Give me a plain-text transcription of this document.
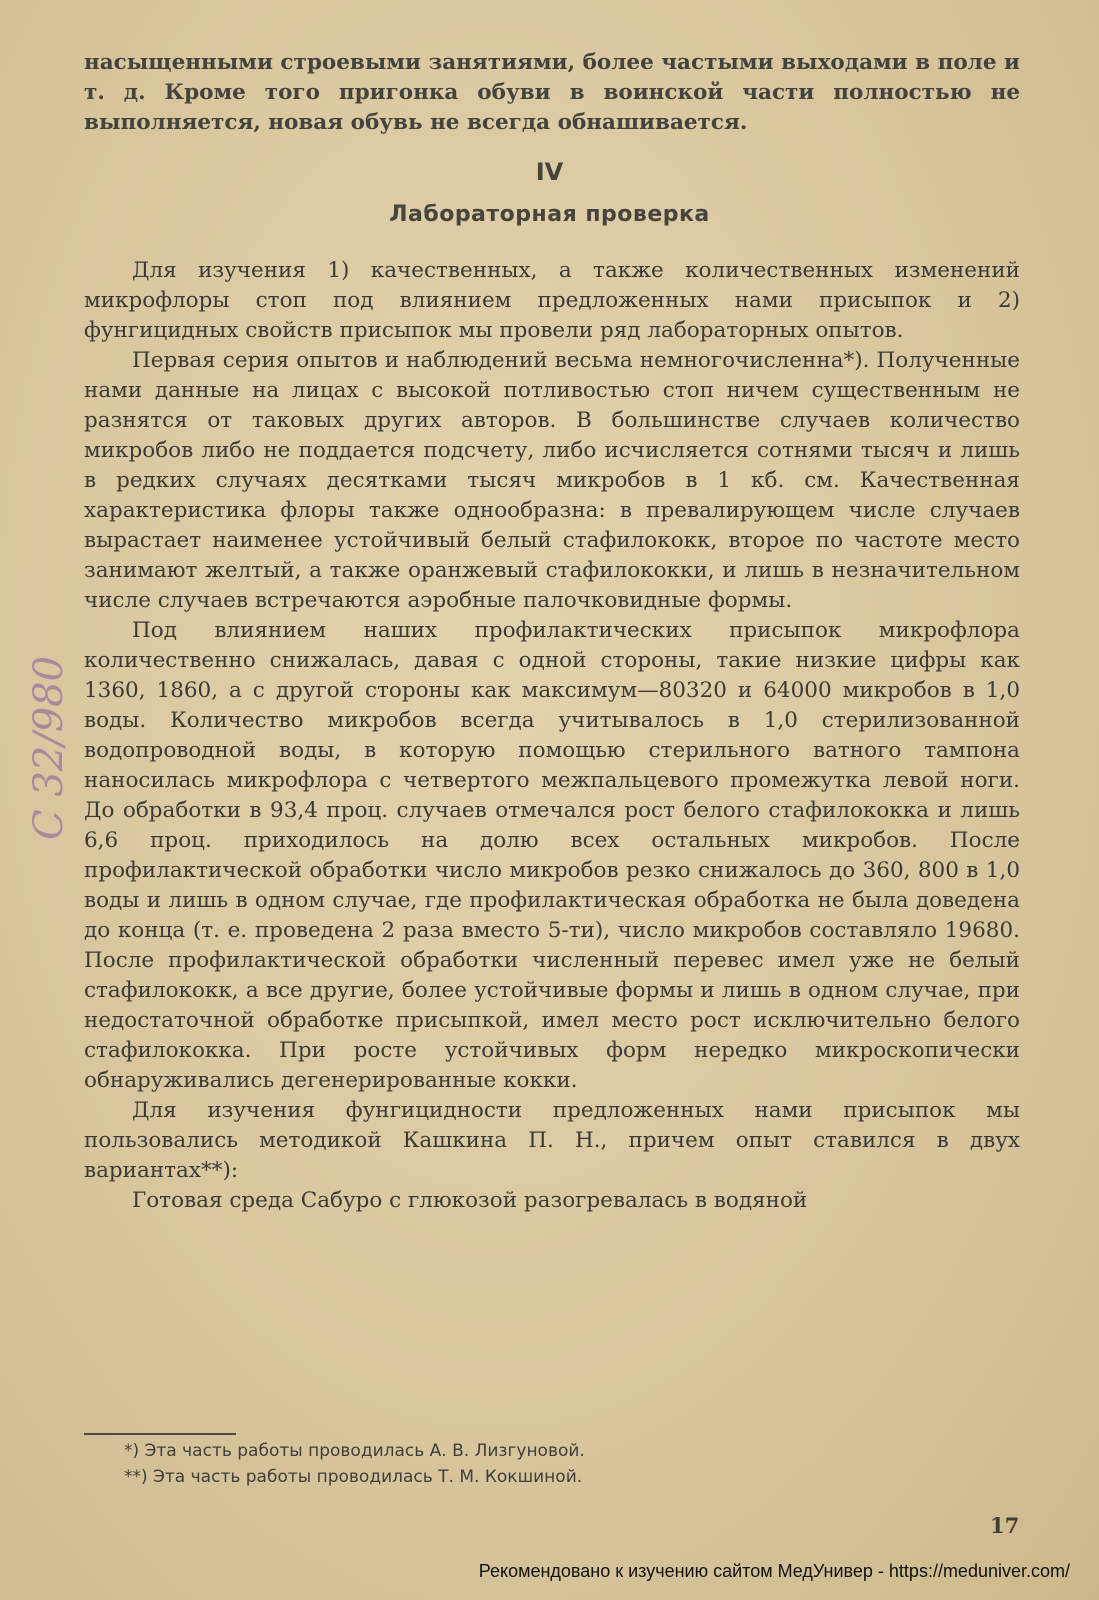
насыщенными строевыми занятиями, более частыми выходами в поле и т. д. Кроме того пригонка обуви в воинской части полностью не выполняется, новая обувь не всегда обнашивается.

IV
Лабораторная проверка

Для изучения 1) качественных, а также количественных изменений микрофлоры стоп под влиянием предложенных нами присыпок и 2) фунгицидных свойств присыпок мы провели ряд лабораторных опытов.

Первая серия опытов и наблюдений весьма немногочисленна*). Полученные нами данные на лицах с высокой потливостью стоп ничем существенным не разнятся от таковых других авторов. В большинстве случаев количество микробов либо не поддается подсчету, либо исчисляется сотнями тысяч и лишь в редких случаях десятками тысяч микробов в 1 кб. см. Качественная характеристика флоры также однообразна: в превалирующем числе случаев вырастает наименее устойчивый белый стафилококк, второе по частоте место занимают желтый, а также оранжевый стафилококки, и лишь в незначительном числе случаев встречаются аэробные палочковидные формы.

Под влиянием наших профилактических присыпок микрофлора количественно снижалась, давая с одной стороны, такие низкие цифры как 1360, 1860, а с другой стороны как максимум—80320 и 64000 микробов в 1,0 воды. Количество микробов всегда учитывалось в 1,0 стерилизованной водопроводной воды, в которую помощью стерильного ватного тампона наносилась микрофлора с четвертого межпальцевого промежутка левой ноги. До обработки в 93,4 проц. случаев отмечался рост белого стафилококка и лишь 6,6 проц. приходилось на долю всех остальных микробов. После профилактической обработки число микробов резко снижалось до 360, 800 в 1,0 воды и лишь в одном случае, где профилактическая обработка не была доведена до конца (т. е. проведена 2 раза вместо 5-ти), число микробов составляло 19680. После профилактической обработки численный перевес имел уже не белый стафилококк, а все другие, более устойчивые формы и лишь в одном случае, при недостаточной обработке присыпкой, имел место рост исключительно белого стафилококка. При росте устойчивых форм нередко микроскопически обнаруживались дегенерированные кокки.

Для изучения фунгицидности предложенных нами присыпок мы пользовались методикой Кашкина П. Н., причем опыт ставился в двух вариантах**):

Готовая среда Сабуро с глюкозой разогревалась в водяной

*) Эта часть работы проводилась А. В. Лизгуновой.

**) Эта часть работы проводилась Т. М. Кокшиной.

17
С 32/980
Рекомендовано к изучению сайтом МедУнивер - https://meduniver.com/
